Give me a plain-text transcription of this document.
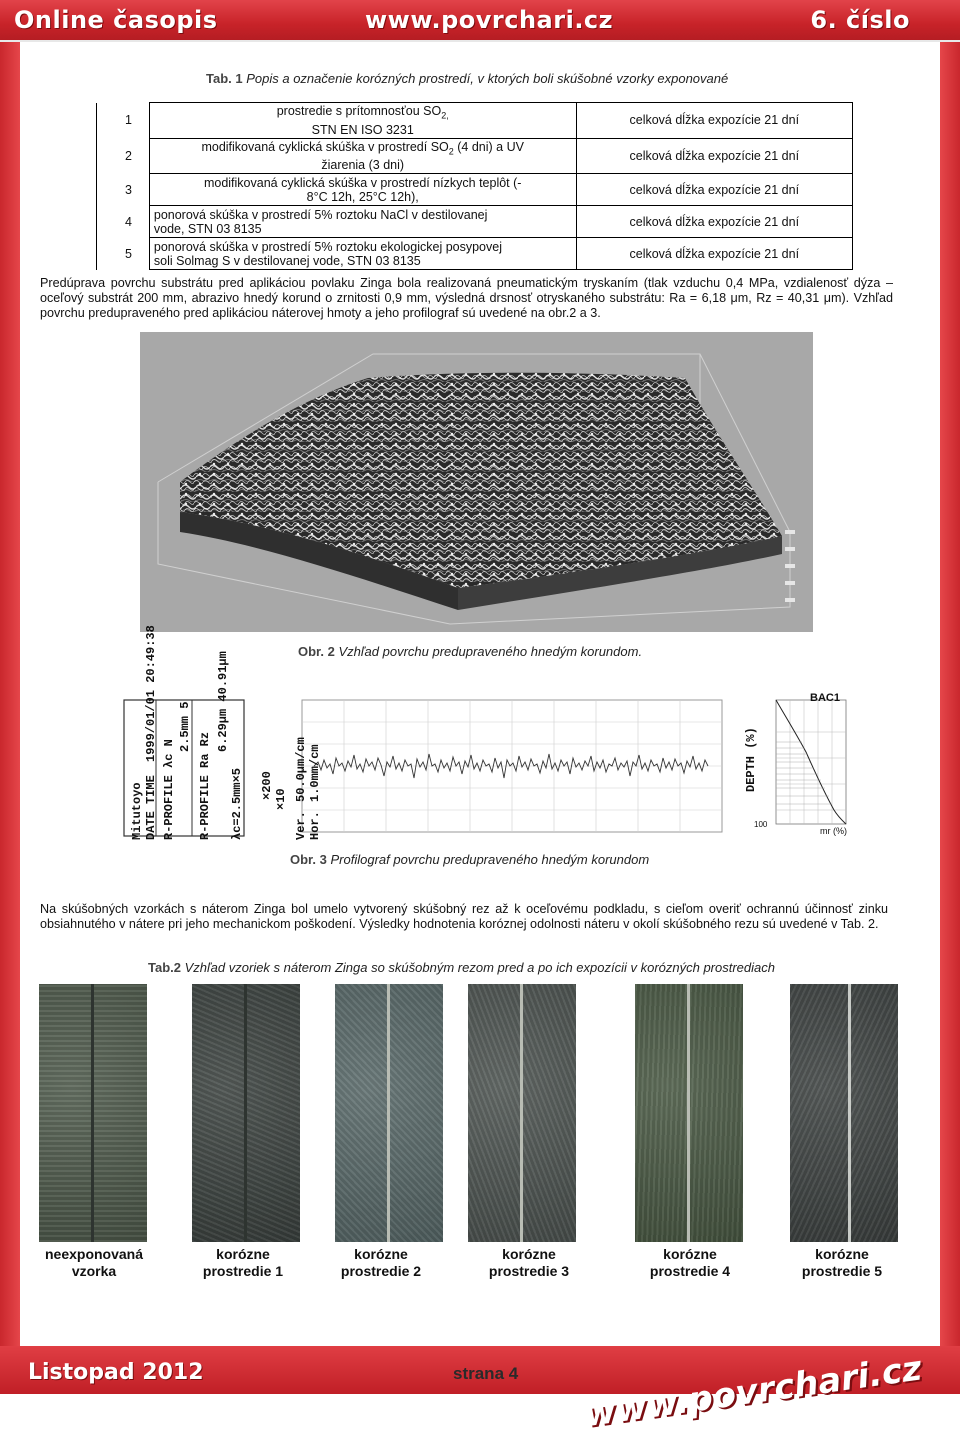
Online časopis	www.povrchari.cz	6. číslo
Tab. 1 Popis a označenie korózných prostredí, v ktorých boli skúšobné vzorky exponované
1	prostredie s prítomnosťou $SO_{2,}$
STN EN ISO 3231	celková dĺžka expozície 21 dní
2	modifikovaná cyklická skúška v prostredí $SO_2$ (4 dni) a UV
žiarenia (3 dni)	celková dĺžka expozície 21 dní
3	modifikovaná cyklická skúška v prostredí nízkych teplôt (-
8°C 12h, 25°C 12h),	celková dĺžka expozície 21 dní
4	ponorová skúška v prostredí 5% roztoku NaCl v destilovanej
vode, STN 03 8135	celková dĺžka expozície 21 dní
5	ponorová skúška v prostredí 5% roztoku ekologickej posypovej
soli Solmag S v destilovanej vode, STN 03 8135	celková dĺžka expozície 21 dní
Predúprava povrchu substrátu pred aplikáciou povlaku Zinga bola realizovaná pneumatickým tryskaním (tlak vzduchu 0,4 MPa, vzdialenosť dýza – oceľový substrát 200 mm, abrazivo hnedý korund o zrnitosti 0,9 mm, výsledná drsnosť otryskaného substrátu: Ra = 6,18 μm, Rz = 40,31 μm). Vzhľad povrchu predupraveného pred aplikáciou náterovej hmoty a jeho profilograf sú uvedené na obr.2 a 3.
Obr. 2 Vzhľad povrchu predupraveného hnedým korundom.
Mitutoyo DATE TIME
1999/01/01 20:49:38
R-PROFILE λc N 2.5mm 5
R-PROFILE Ra Rz 6.29μm 40.91μm
λc=2.5mm×5 ×200 ×10 50.0μm/cm 1.0mm/cm
Ver. Hor.
DEPTH (%)
BAC1
mr (%)
100
Obr. 3 Profilograf povrchu predupraveného hnedým korundom
Na skúšobných vzorkách s náterom Zinga bol umelo vytvorený skúšobný rez až k oceľovému podkladu, s cieľom overiť ochrannú účinnosť zinku obsiahnutého v nátere pri jeho mechanickom poškodení. Výsledky hodnotenia koróznej odolnosti náteru v okolí skúšobného rezu sú uvedené v Tab. 2.
Tab.2 Vzhľad vzoriek s náterom Zinga so skúšobným rezom pred a po ich expozícii v korózných prostrediach
neexponovaná
vzorka
korózne
prostredie 1
korózne
prostredie 2
korózne
prostredie 3
korózne
prostredie 4
korózne
prostredie 5
Listopad 2012	strana 4 www.povrchari.cz
